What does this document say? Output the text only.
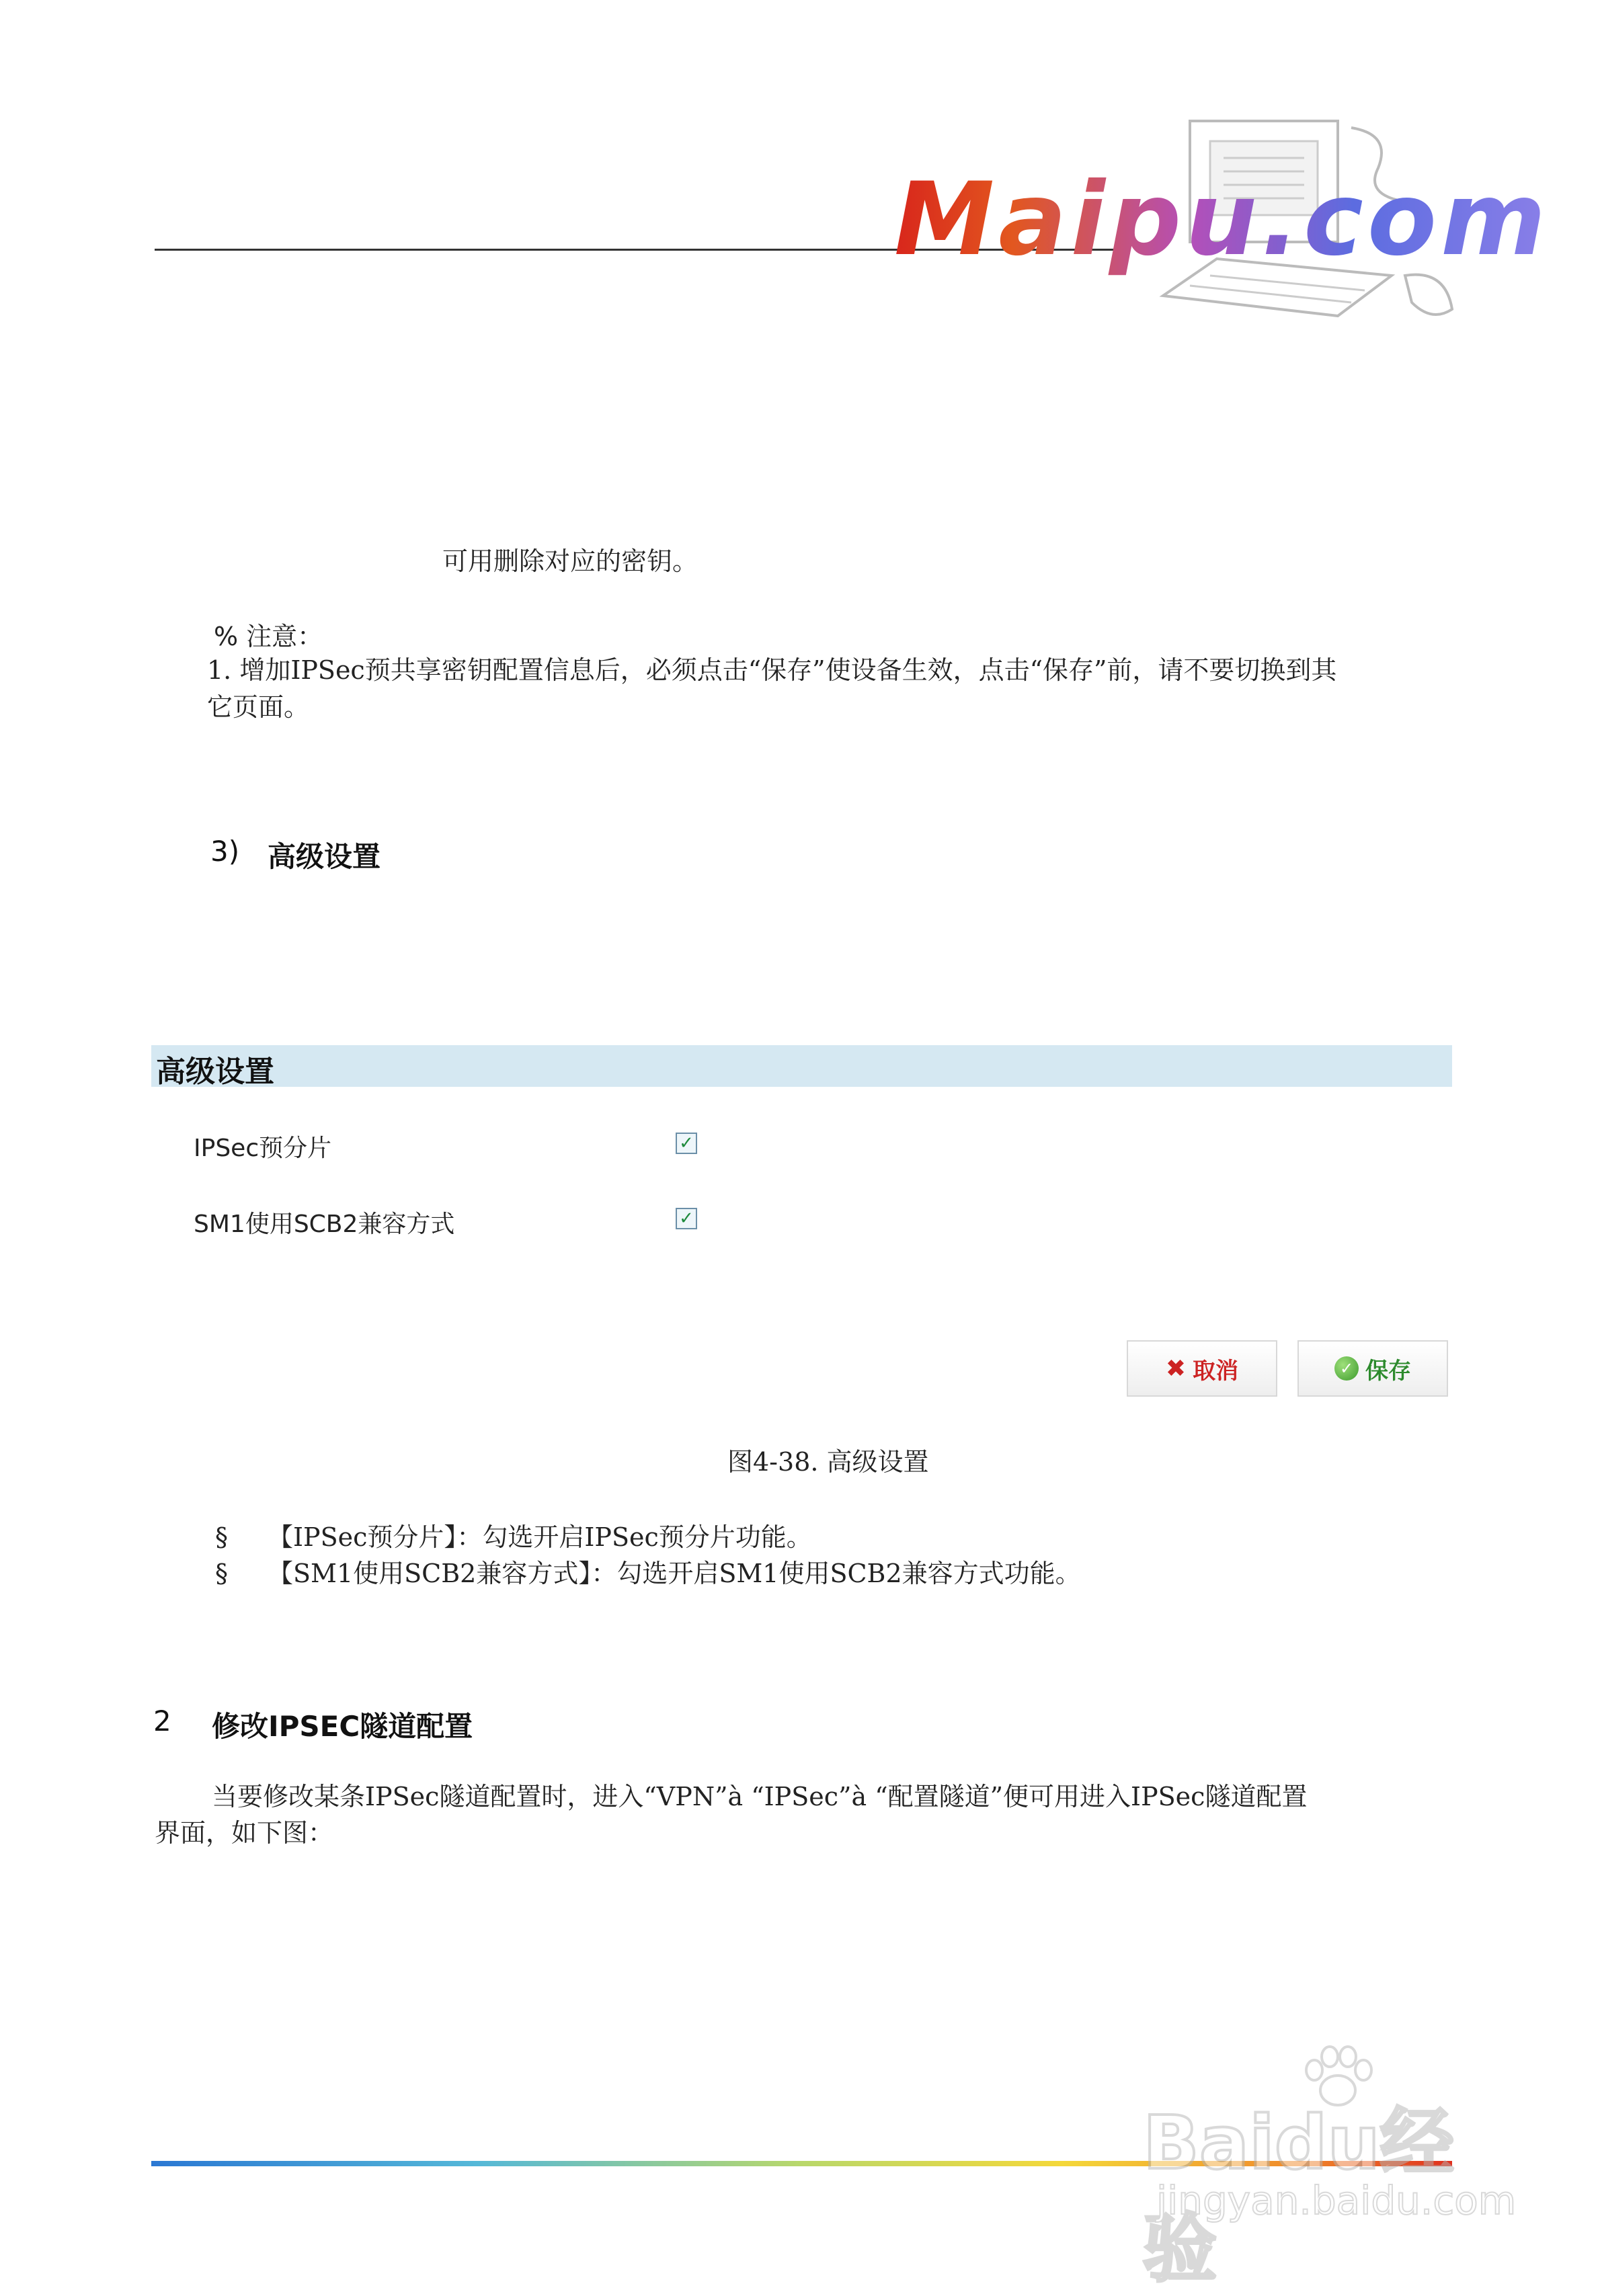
Maipu.com
可用删除对应的密钥。
% 注意：
1. 增加IPSec预共享密钥配置信息后，必须点击“保存”使设备生效，点击“保存”前，请不要切换到其
它页面。
3) 高级设置
高级设置
IPSec预分片	✓
SM1使用SCB2兼容方式	✓
✖ 取消	✓ 保存
图4-38. 高级设置
§ 【IPSec预分片】：勾选开启IPSec预分片功能。
§ 【SM1使用SCB2兼容方式】：勾选开启SM1使用SCB2兼容方式功能。
2 修改IPSEC隧道配置
当要修改某条IPSec隧道配置时，进入“VPN”à “IPSec”à “配置隧道”便可用进入IPSec隧道配置
界面，如下图：
Baidu经验
jingyan.baidu.com
